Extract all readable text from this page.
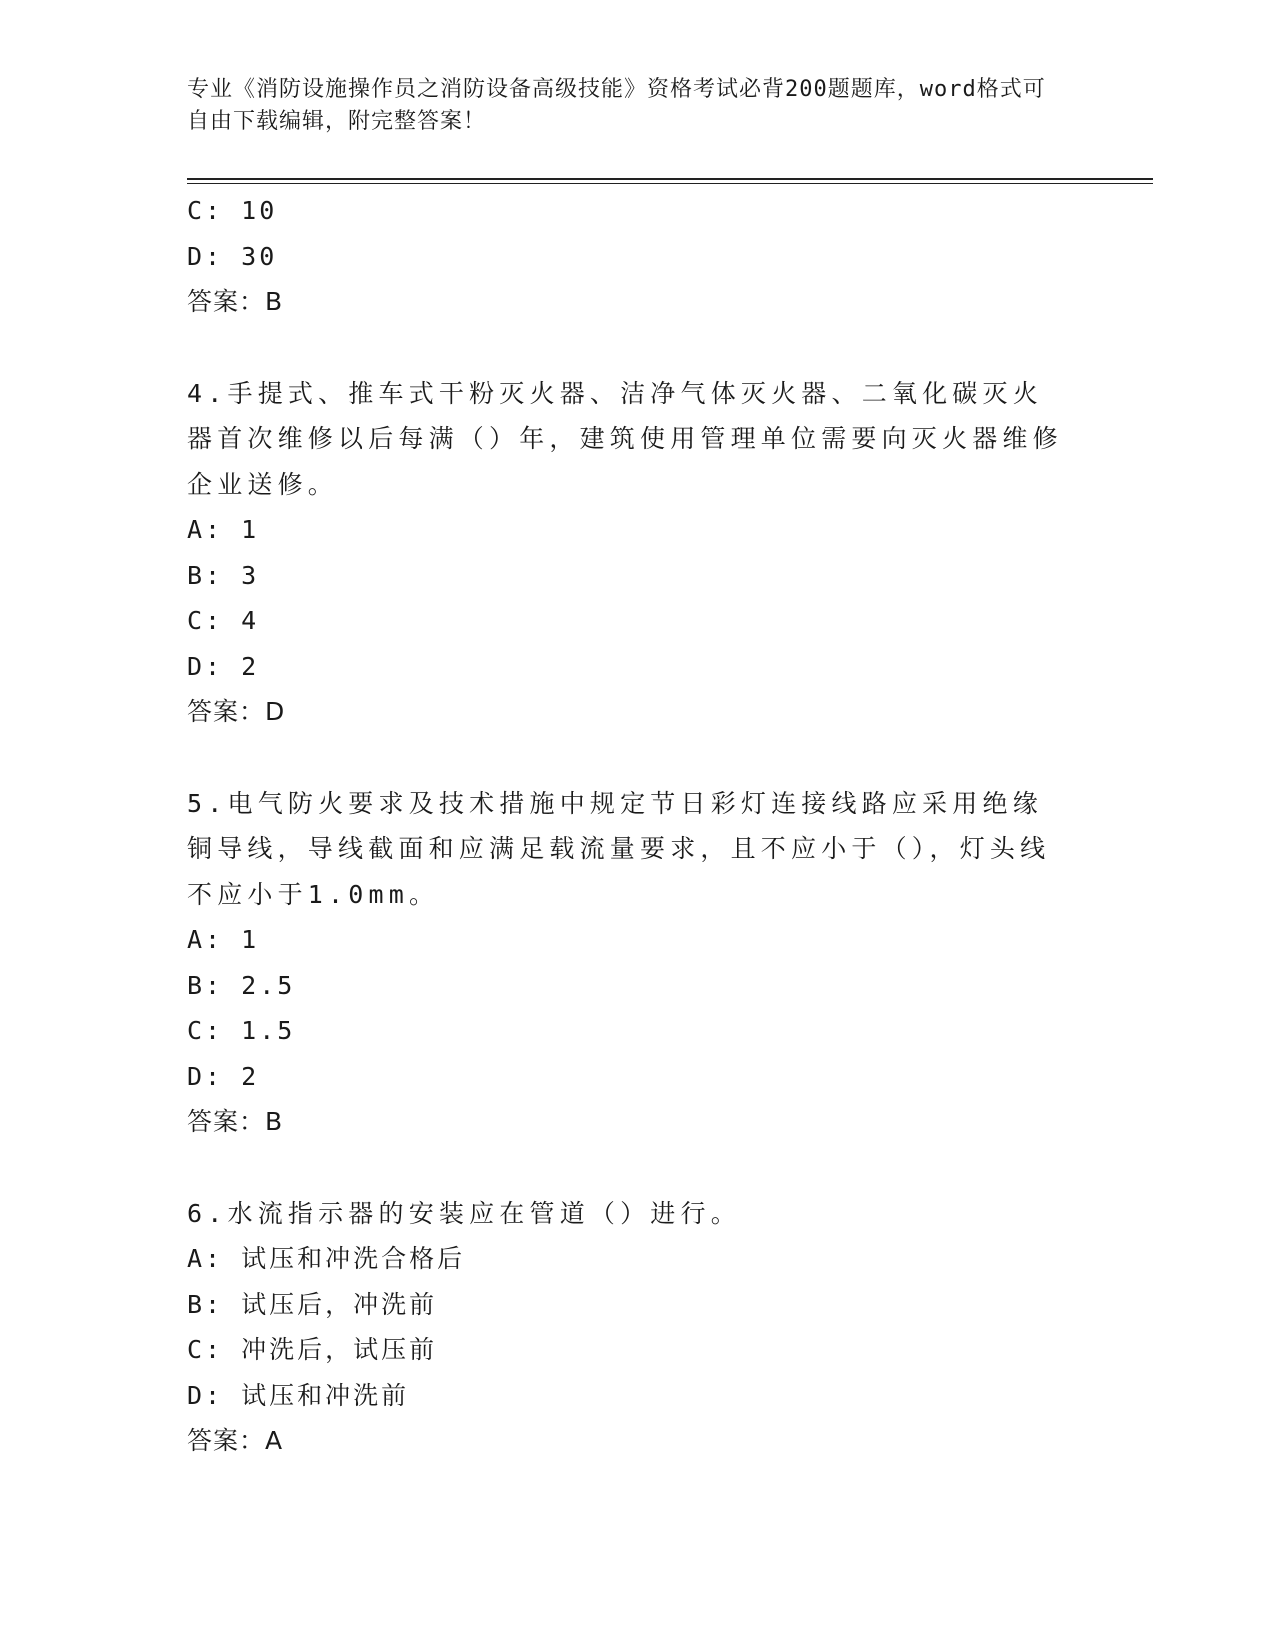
专业《消防设施操作员之消防设备高级技能》资格考试必背200题题库，word格式可自由下载编辑，附完整答案！
C: 10
D: 30
答案：B
4.手提式、推车式干粉灭火器、洁净气体灭火器、二氧化碳灭火器首次维修以后每满（）年，建筑使用管理单位需要向灭火器维修企业送修。
A: 1
B: 3
C: 4
D: 2
答案：D
5.电气防火要求及技术措施中规定节日彩灯连接线路应采用绝缘铜导线，导线截面和应满足载流量要求，且不应小于（），灯头线不应小于1.0mm。
A: 1
B: 2.5
C: 1.5
D: 2
答案：B
6.水流指示器的安装应在管道（）进行。
A: 试压和冲洗合格后
B: 试压后，冲洗前
C: 冲洗后，试压前
D: 试压和冲洗前
答案：A
